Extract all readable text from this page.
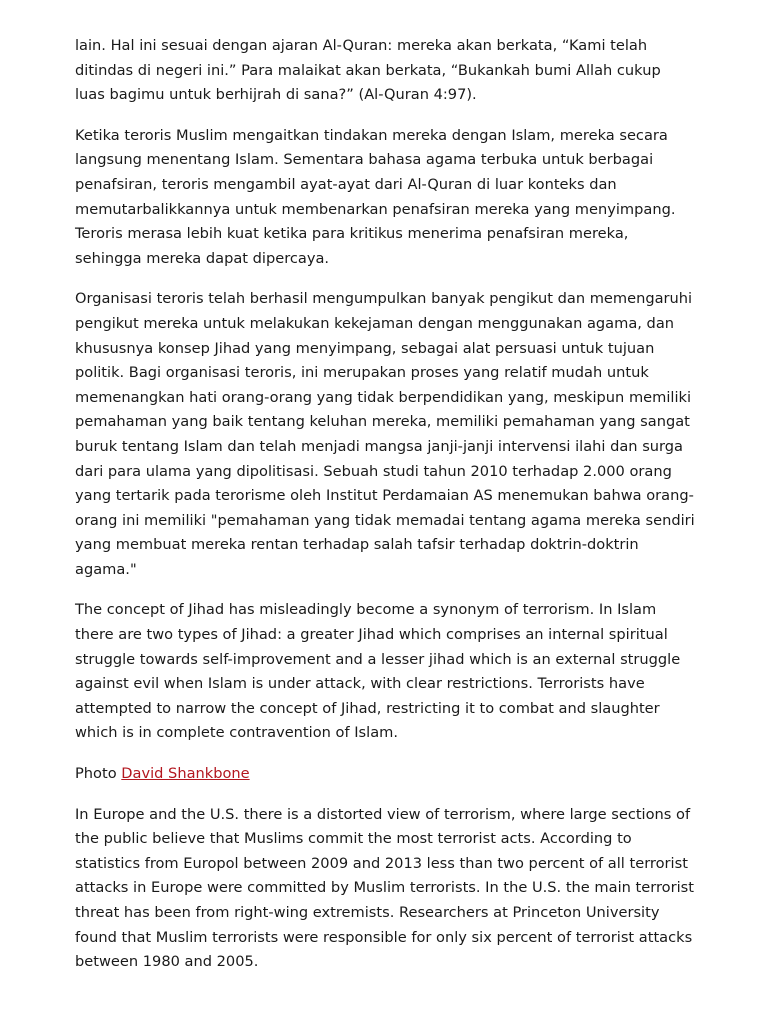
lain. Hal ini sesuai dengan ajaran Al-Quran: mereka akan berkata, “Kami telah ditindas di negeri ini.” Para malaikat akan berkata, “Bukankah bumi Allah cukup luas bagimu untuk berhijrah di sana?” (Al-Quran 4:97).

Ketika teroris Muslim mengaitkan tindakan mereka dengan Islam, mereka secara langsung menentang Islam. Sementara bahasa agama terbuka untuk berbagai penafsiran, teroris mengambil ayat-ayat dari Al-Quran di luar konteks dan memutarbalikkannya untuk membenarkan penafsiran mereka yang menyimpang. Teroris merasa lebih kuat ketika para kritikus menerima penafsiran mereka, sehingga mereka dapat dipercaya.

Organisasi teroris telah berhasil mengumpulkan banyak pengikut dan memengaruhi pengikut mereka untuk melakukan kekejaman dengan menggunakan agama, dan khususnya konsep Jihad yang menyimpang, sebagai alat persuasi untuk tujuan politik. Bagi organisasi teroris, ini merupakan proses yang relatif mudah untuk memenangkan hati orang-orang yang tidak berpendidikan yang, meskipun memiliki pemahaman yang baik tentang keluhan mereka, memiliki pemahaman yang sangat buruk tentang Islam dan telah menjadi mangsa janji-janji intervensi ilahi dan surga dari para ulama yang dipolitisasi. Sebuah studi tahun 2010 terhadap 2.000 orang yang tertarik pada terorisme oleh Institut Perdamaian AS menemukan bahwa orang-orang ini memiliki "pemahaman yang tidak memadai tentang agama mereka sendiri yang membuat mereka rentan terhadap salah tafsir terhadap doktrin-doktrin agama."

The concept of Jihad has misleadingly become a synonym of terrorism. In Islam there are two types of Jihad: a greater Jihad which comprises an internal spiritual struggle towards self-improvement and a lesser jihad which is an external struggle against evil when Islam is under attack, with clear restrictions. Terrorists have attempted to narrow the concept of Jihad, restricting it to combat and slaughter which is in complete contravention of Islam.

Photo David Shankbone

In Europe and the U.S. there is a distorted view of terrorism, where large sections of the public believe that Muslims commit the most terrorist acts. According to statistics from Europol between 2009 and 2013 less than two percent of all terrorist attacks in Europe were committed by Muslim terrorists. In the U.S. the main terrorist threat has been from right-wing extremists. Researchers at Princeton University found that Muslim terrorists were responsible for only six percent of terrorist attacks between 1980 and 2005.
